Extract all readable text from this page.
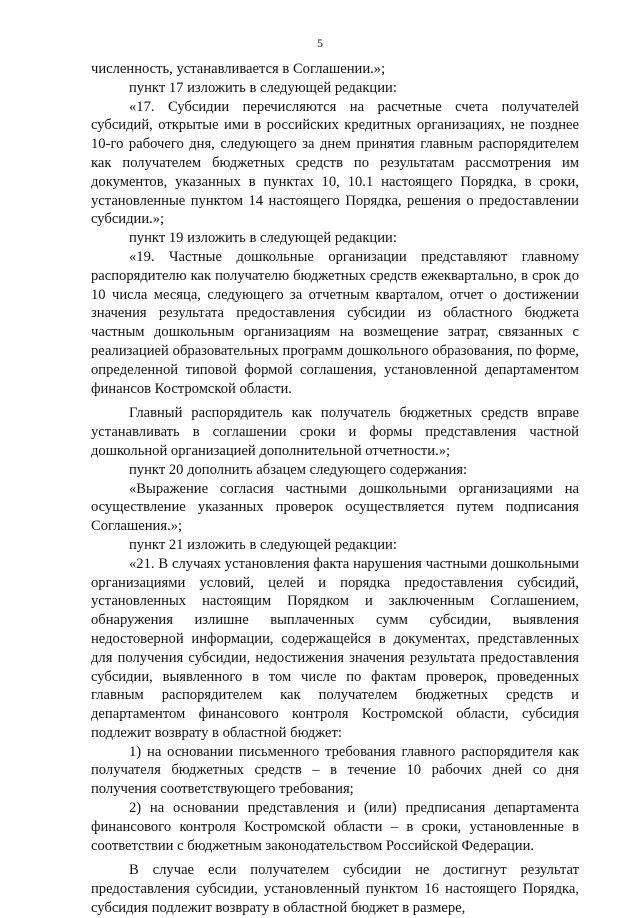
5

численность, устанавливается в Соглашении.»;

пункт 17 изложить в следующей редакции:

«17. Субсидии перечисляются на расчетные счета получателей субсидий, открытые ими в российских кредитных организациях, не позднее 10-го рабочего дня, следующего за днем принятия главным распорядителем как получателем бюджетных средств по результатам рассмотрения им документов, указанных в пунктах 10, 10.1 настоящего Порядка, в сроки, установленные пунктом 14 настоящего Порядка, решения о предоставлении субсидии.»;

пункт 19 изложить в следующей редакции:

«19. Частные дошкольные организации представляют главному распорядителю как получателю бюджетных средств ежеквартально, в срок до 10 числа месяца, следующего за отчетным кварталом, отчет о достижении значения результата предоставления субсидии из областного бюджета частным дошкольным организациям на возмещение затрат, связанных с реализацией образовательных программ дошкольного образования, по форме, определенной типовой формой соглашения, установленной департаментом финансов Костромской области.

Главный распорядитель как получатель бюджетных средств вправе устанавливать в соглашении сроки и формы представления частной дошкольной организацией дополнительной отчетности.»;

пункт 20 дополнить абзацем следующего содержания:

«Выражение согласия частными дошкольными организациями на осуществление указанных проверок осуществляется путем подписания Соглашения.»;

пункт 21 изложить в следующей редакции:

«21. В случаях установления факта нарушения частными дошкольными организациями условий, целей и порядка предоставления субсидий, установленных настоящим Порядком и заключенным Соглашением, обнаружения излишне выплаченных сумм субсидии, выявления недостоверной информации, содержащейся в документах, представленных для получения субсидии, недостижения значения результата предоставления субсидии, выявленного в том числе по фактам проверок, проведенных главным распорядителем как получателем бюджетных средств и департаментом финансового контроля Костромской области, субсидия подлежит возврату в областной бюджет:

1) на основании письменного требования главного распорядителя как получателя бюджетных средств – в течение 10 рабочих дней со дня получения соответствующего требования;

2) на основании представления и (или) предписания департамента финансового контроля Костромской области – в сроки, установленные в соответствии с бюджетным законодательством Российской Федерации.

В случае если получателем субсидии не достигнут результат предоставления субсидии, установленный пунктом 16 настоящего Порядка, субсидия подлежит возврату в областной бюджет в размере,
